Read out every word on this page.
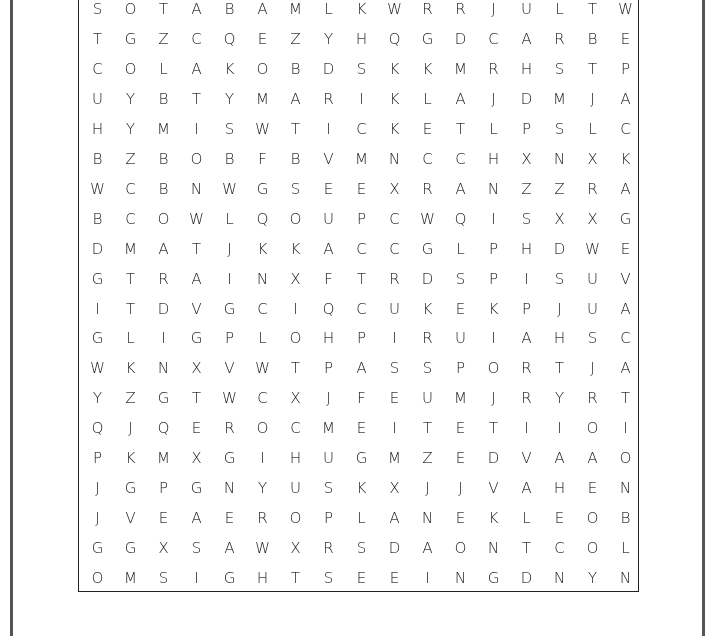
S	O	T	A	B	A	M	L	K	W	R	R	J	U	L	T	W
T	G	Z	C	Q	E	Z	Y	H	Q	G	D	C	A	R	B	E
C	O	L	A	K	O	B	D	S	K	K	M	R	H	S	T	P
U	Y	B	T	Y	M	A	R	I	K	L	A	J	D	M	J	A
H	Y	M	I	S	W	T	I	C	K	E	T	L	P	S	L	C
B	Z	B	O	B	F	B	V	M	N	C	C	H	X	N	X	K
W	C	B	N	W	G	S	E	E	X	R	A	N	Z	Z	R	A
B	C	O	W	L	Q	O	U	P	C	W	Q	I	S	X	X	G
D	M	A	T	J	K	K	A	C	C	G	L	P	H	D	W	E
G	T	R	A	I	N	X	F	T	R	D	S	P	I	S	U	V
I	T	D	V	G	C	I	Q	C	U	K	E	K	P	J	U	A
G	L	I	G	P	L	O	H	P	I	R	U	I	A	H	S	C
W	K	N	X	V	W	T	P	A	S	S	P	O	R	T	J	A
Y	Z	G	T	W	C	X	J	F	E	U	M	J	R	Y	R	T
Q	J	Q	E	R	O	C	M	E	I	T	E	T	I	I	O	I
P	K	M	X	G	I	H	U	G	M	Z	E	D	V	A	A	O
J	G	P	G	N	Y	U	S	K	X	J	J	V	A	H	E	N
J	V	E	A	E	R	O	P	L	A	N	E	K	L	E	O	B
G	G	X	S	A	W	X	R	S	D	A	O	N	T	C	O	L
O	M	S	I	G	H	T	S	E	E	I	N	G	D	N	Y	N
